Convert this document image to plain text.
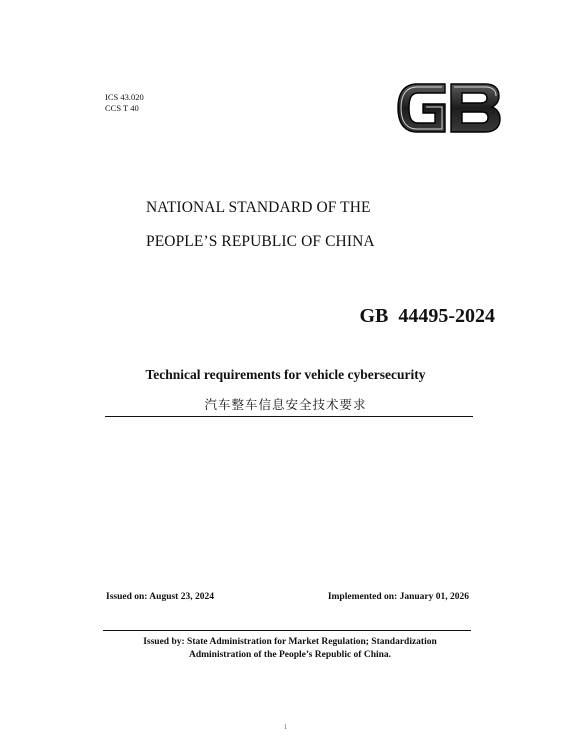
ICS 43.020
CCS T 40
NATIONAL STANDARD OF THE
PEOPLE’S REPUBLIC OF CHINA
GB  44495-2024
Technical requirements for vehicle cybersecurity
汽车整车信息安全技术要求
Issued on: August 23, 2024	Implemented on: January 01, 2026
Issued by: State Administration for Market Regulation; Standardization
Administration of the People’s Republic of China.
1
